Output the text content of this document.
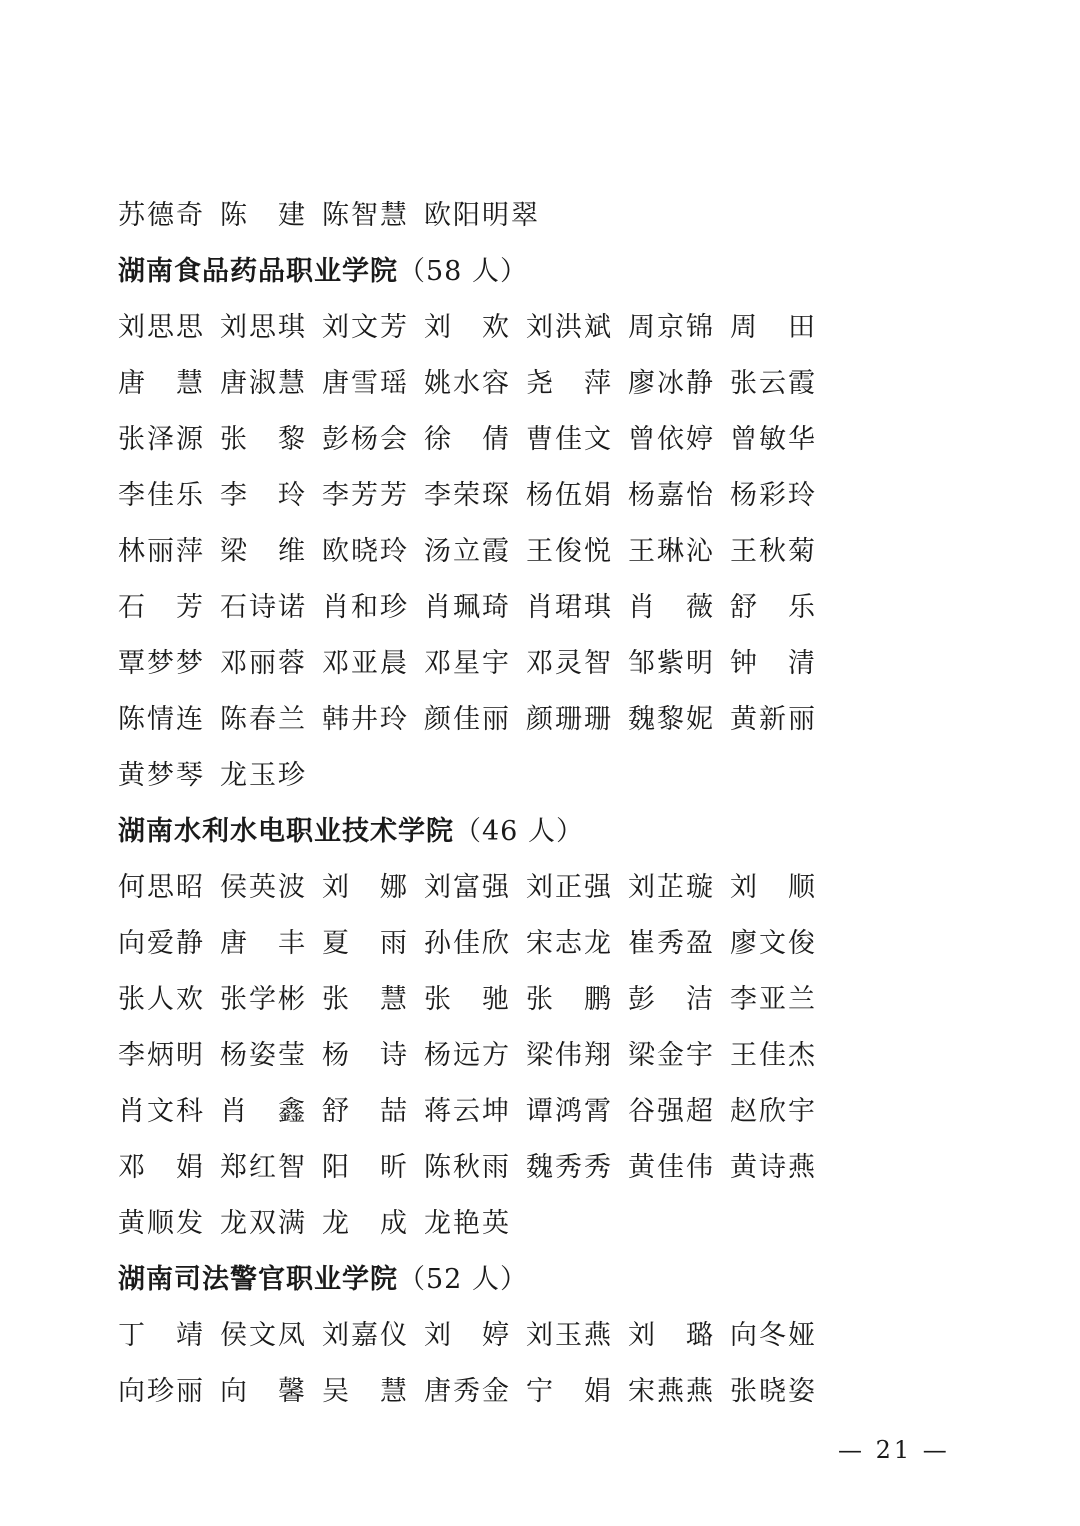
苏德奇 陈　建 陈智慧 欧阳明翠
湖南食品药品职业学院 （58 人）
刘思思 刘思琪 刘文芳 刘　欢 刘洪斌 周京锦 周　田
唐　慧 唐淑慧 唐雪瑶 姚水容 尧　萍 廖冰静 张云霞
张泽源 张　黎 彭杨会 徐　倩 曹佳文 曾依婷 曾敏华
李佳乐 李　玲 李芳芳 李荣琛 杨伍娟 杨嘉怡 杨彩玲
林丽萍 梁　维 欧晓玲 汤立霞 王俊悦 王琳沁 王秋菊
石　芳 石诗诺 肖和珍 肖珮琦 肖珺琪 肖　薇 舒　乐
覃梦梦 邓丽蓉 邓亚晨 邓星宇 邓灵智 邹紫明 钟　清
陈情连 陈春兰 韩井玲 颜佳丽 颜珊珊 魏黎妮 黄新丽
黄梦琴 龙玉珍
湖南水利水电职业技术学院 （46 人）
何思昭 侯英波 刘　娜 刘富强 刘正强 刘芷璇 刘　顺
向爱静 唐　丰 夏　雨 孙佳欣 宋志龙 崔秀盈 廖文俊
张人欢 张学彬 张　慧 张　驰 张　鹏 彭　洁 李亚兰
李炳明 杨姿莹 杨　诗 杨远方 梁伟翔 梁金宇 王佳杰
肖文科 肖　鑫 舒　喆 蒋云坤 谭鸿霄 谷强超 赵欣宇
邓　娟 郑红智 阳　昕 陈秋雨 魏秀秀 黄佳伟 黄诗燕
黄顺发 龙双满 龙　成 龙艳英
湖南司法警官职业学院 （52 人）
丁　靖 侯文凤 刘嘉仪 刘　婷 刘玉燕 刘　璐 向冬娅
向珍丽 向　馨 吴　慧 唐秀金 宁　娟 宋燕燕 张晓姿
— 21 —
